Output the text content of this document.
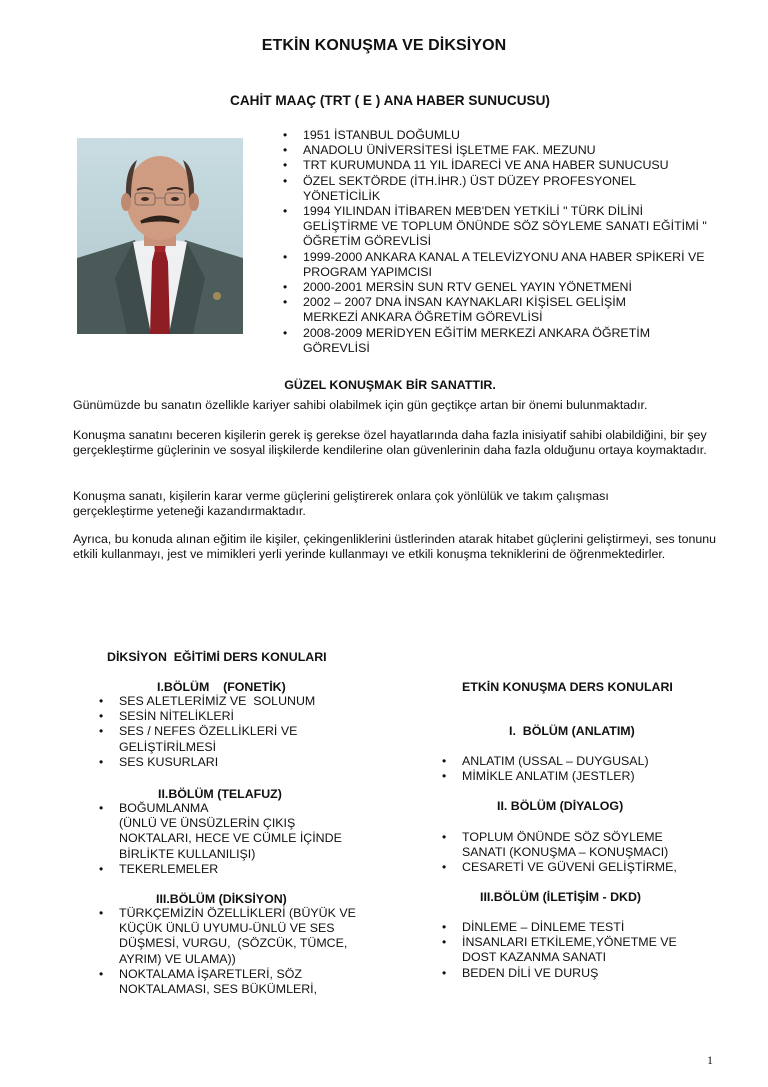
ETKİN KONUŞMA VE DİKSİYON
CAHİT MAAÇ (TRT ( E ) ANA HABER SUNUCUSU)
• 1951 İSTANBUL DOĞUMLU
• ANADOLU ÜNİVERSİTESİ İŞLETME FAK. MEZUNU
• TRT KURUMUNDA 11 YIL İDARECİ VE ANA HABER SUNUCUSU
• ÖZEL SEKTÖRDE (İTH.İHR.) ÜST DÜZEY PROFESYONEL YÖNETİCİLİK
• 1994 YILINDAN İTİBAREN MEB'DEN YETKİLİ " TÜRK DİLİNİ GELİŞTİRME VE TOPLUM ÖNÜNDE SÖZ SÖYLEME SANATI EĞİTİMİ " ÖĞRETİM GÖREVLİSİ
• 1999-2000 ANKARA KANAL A TELEVİZYONU ANA HABER SPİKERİ VE PROGRAM YAPIMCISI
• 2000-2001 MERSİN SUN RTV GENEL YAYIN YÖNETMENİ
• 2002 – 2007 DNA İNSAN KAYNAKLARI KİŞİSEL GELİŞİM MERKEZİ ANKARA ÖĞRETİM GÖREVLİSİ
• 2008-2009 MERİDYEN EĞİTİM MERKEZİ ANKARA ÖĞRETİM GÖREVLİSİ
GÜZEL KONUŞMAK BİR SANATTIR.

Günümüzde bu sanatın özellikle kariyer sahibi olabilmek için gün geçtikçe artan bir önemi bulunmaktadır.

Konuşma sanatını beceren kişilerin gerek iş gerekse özel hayatlarında daha fazla inisiyatif sahibi olabildiğini, bir şey gerçekleştirme güçlerinin ve sosyal ilişkilerde kendilerine olan güvenlerinin daha fazla olduğunu ortaya koymaktadır.

Konuşma sanatı, kişilerin karar verme güçlerini geliştirerek onlara çok yönlülük ve takım çalışması gerçekleştirme yeteneği kazandırmaktadır.

Ayrıca, bu konuda alınan eğitim ile kişiler, çekingenliklerini üstlerinden atarak hitabet güçlerini geliştirmeyi, ses tonunu etkili kullanmayı, jest ve mimikleri yerli yerinde kullanmayı ve etkili konuşma tekniklerini de öğrenmektedirler.

DİKSİYON  EĞİTİMİ DERS KONULARI
I.BÖLÜM    (FONETİK)
• SES ALETLERİMİZ VE  SOLUNUM
• SESİN NİTELİKLERİ
• SES / NEFES ÖZELLİKLERİ VE GELİŞTİRİLMESİ
• SES KUSURLARI
II.BÖLÜM (TELAFUZ)
• BOĞUMLANMA
(ÜNLÜ VE ÜNSÜZLERİN ÇIKIŞ NOKTALARI, HECE VE CÜMLE İÇİNDE BİRLİKTE KULLANILIŞI)
• TEKERLEMELER
III.BÖLÜM (DİKSİYON)
• TÜRKÇEMİZİN ÖZELLİKLERİ (BÜYÜK VE KÜÇÜK ÜNLÜ UYUMU-ÜNLÜ VE SES DÜŞMESİ, VURGU,  (SÖZCÜK, TÜMCE, AYRIM) VE ULAMA))
• NOKTALAMA İŞARETLERİ, SÖZ NOKTALAMASI, SES BÜKÜMLERİ,
ETKİN KONUŞMA DERS KONULARI
I.  BÖLÜM (ANLATIM)
• ANLATIM (USSAL – DUYGUSAL)
• MİMİKLE ANLATIM (JESTLER)
II. BÖLÜM (DİYALOG)
• TOPLUM ÖNÜNDE SÖZ SÖYLEME SANATI (KONUŞMA – KONUŞMACI)
• CESARETİ VE GÜVENİ GELİŞTİRME,
III.BÖLÜM (İLETİŞİM - DKD)
• DİNLEME – DİNLEME TESTİ
• İNSANLARI ETKİLEME,YÖNETME VE DOST KAZANMA SANATI
• BEDEN DİLİ VE DURUŞ
1
